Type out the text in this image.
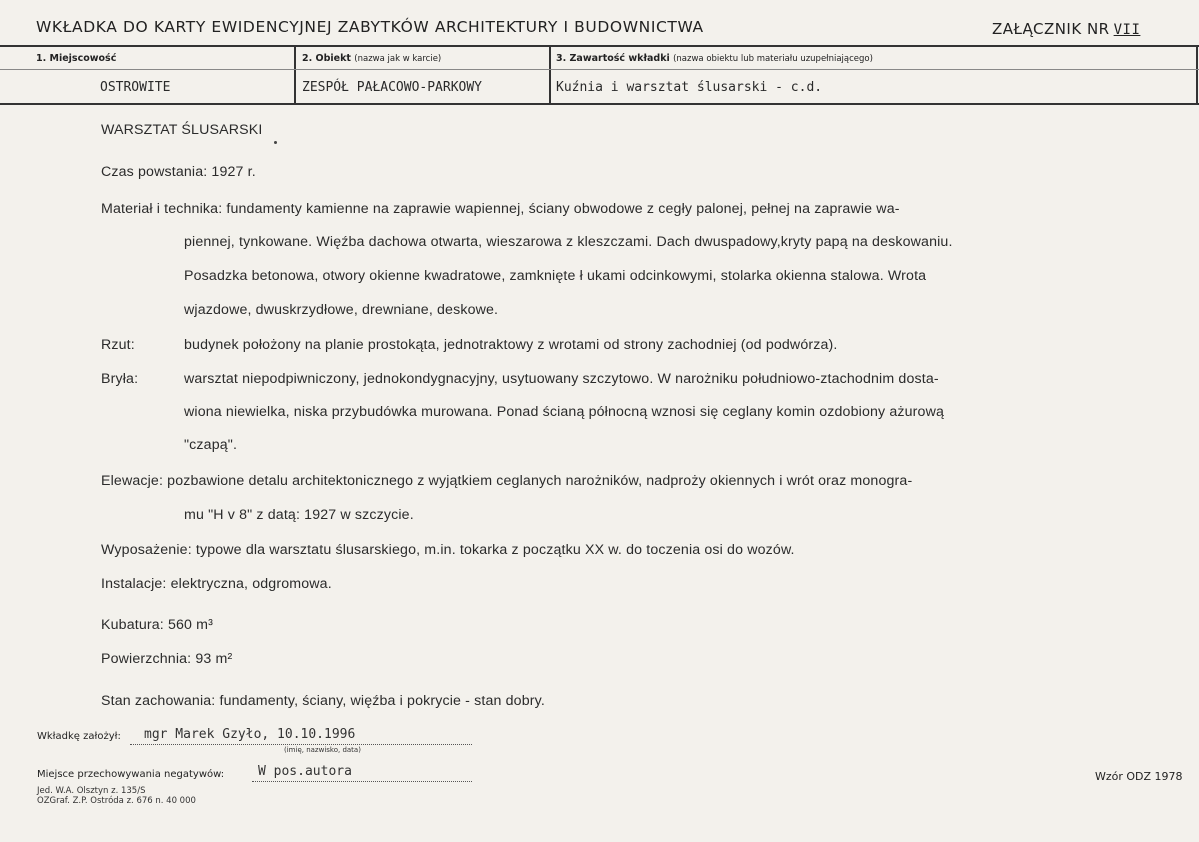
WKŁADKA DO KARTY EWIDENCYJNEJ ZABYTKÓW ARCHITEKTURY I BUDOWNICTWA	ZAŁĄCZNIK NR VII
1. Miejscowość
OSTROWITE
2. Obiekt (nazwa jak w karcie)
ZESPÓŁ PAŁACOWO-PARKOWY
3. Zawartość wkładki (nazwa obiektu lub materiału uzupełniającego)
Kuźnia i warsztat ślusarski - c.d.
WARSZTAT ŚLUSARSKI
Czas powstania: 1927 r.
Materiał i technika: fundamenty kamienne na zaprawie wapiennej, ściany obwodowe z cegły palonej, pełnej na zaprawie wa-
piennej, tynkowane. Więźba dachowa otwarta, wieszarowa z kleszczami. Dach dwuspadowy,kryty papą na deskowaniu.
Posadzka betonowa, otwory okienne kwadratowe, zamknięte ł ukami odcinkowymi, stolarka okienna stalowa. Wrota
wjazdowe, dwuskrzydłowe, drewniane, deskowe.
Rzut:	budynek położony na planie prostokąta, jednotraktowy z wrotami od strony zachodniej (od podwórza).
Bryła:	warsztat niepodpiwniczony, jednokondygnacyjny, usytuowany szczytowo. W narożniku południowo-ztachodnim dosta-
wiona niewielka, niska przybudówka murowana. Ponad ścianą północną wznosi się ceglany komin ozdobiony ażurową
"czapą".
Elewacje: pozbawione detalu architektonicznego z wyjątkiem ceglanych narożników, nadproży okiennych i wrót oraz monogra-
mu "H v 8" z datą: 1927 w szczycie.
Wyposażenie: typowe dla warsztatu ślusarskiego, m.in. tokarka z początku XX w. do toczenia osi do wozów.
Instalacje: elektryczna, odgromowa.
Kubatura: 560 m³
Powierzchnia: 93 m²
Stan zachowania: fundamenty, ściany, więźba i pokrycie - stan dobry.
Wkładkę założył: mgr Marek Gzyło, 10.10.1996
(imię, nazwisko, data)
Miejsce przechowywania negatywów:	W pos.autora
Jed. W.A. Olsztyn z. 135/S
OZGraf. Z.P. Ostróda z. 676 n. 40 000
Wzór ODZ 1978
